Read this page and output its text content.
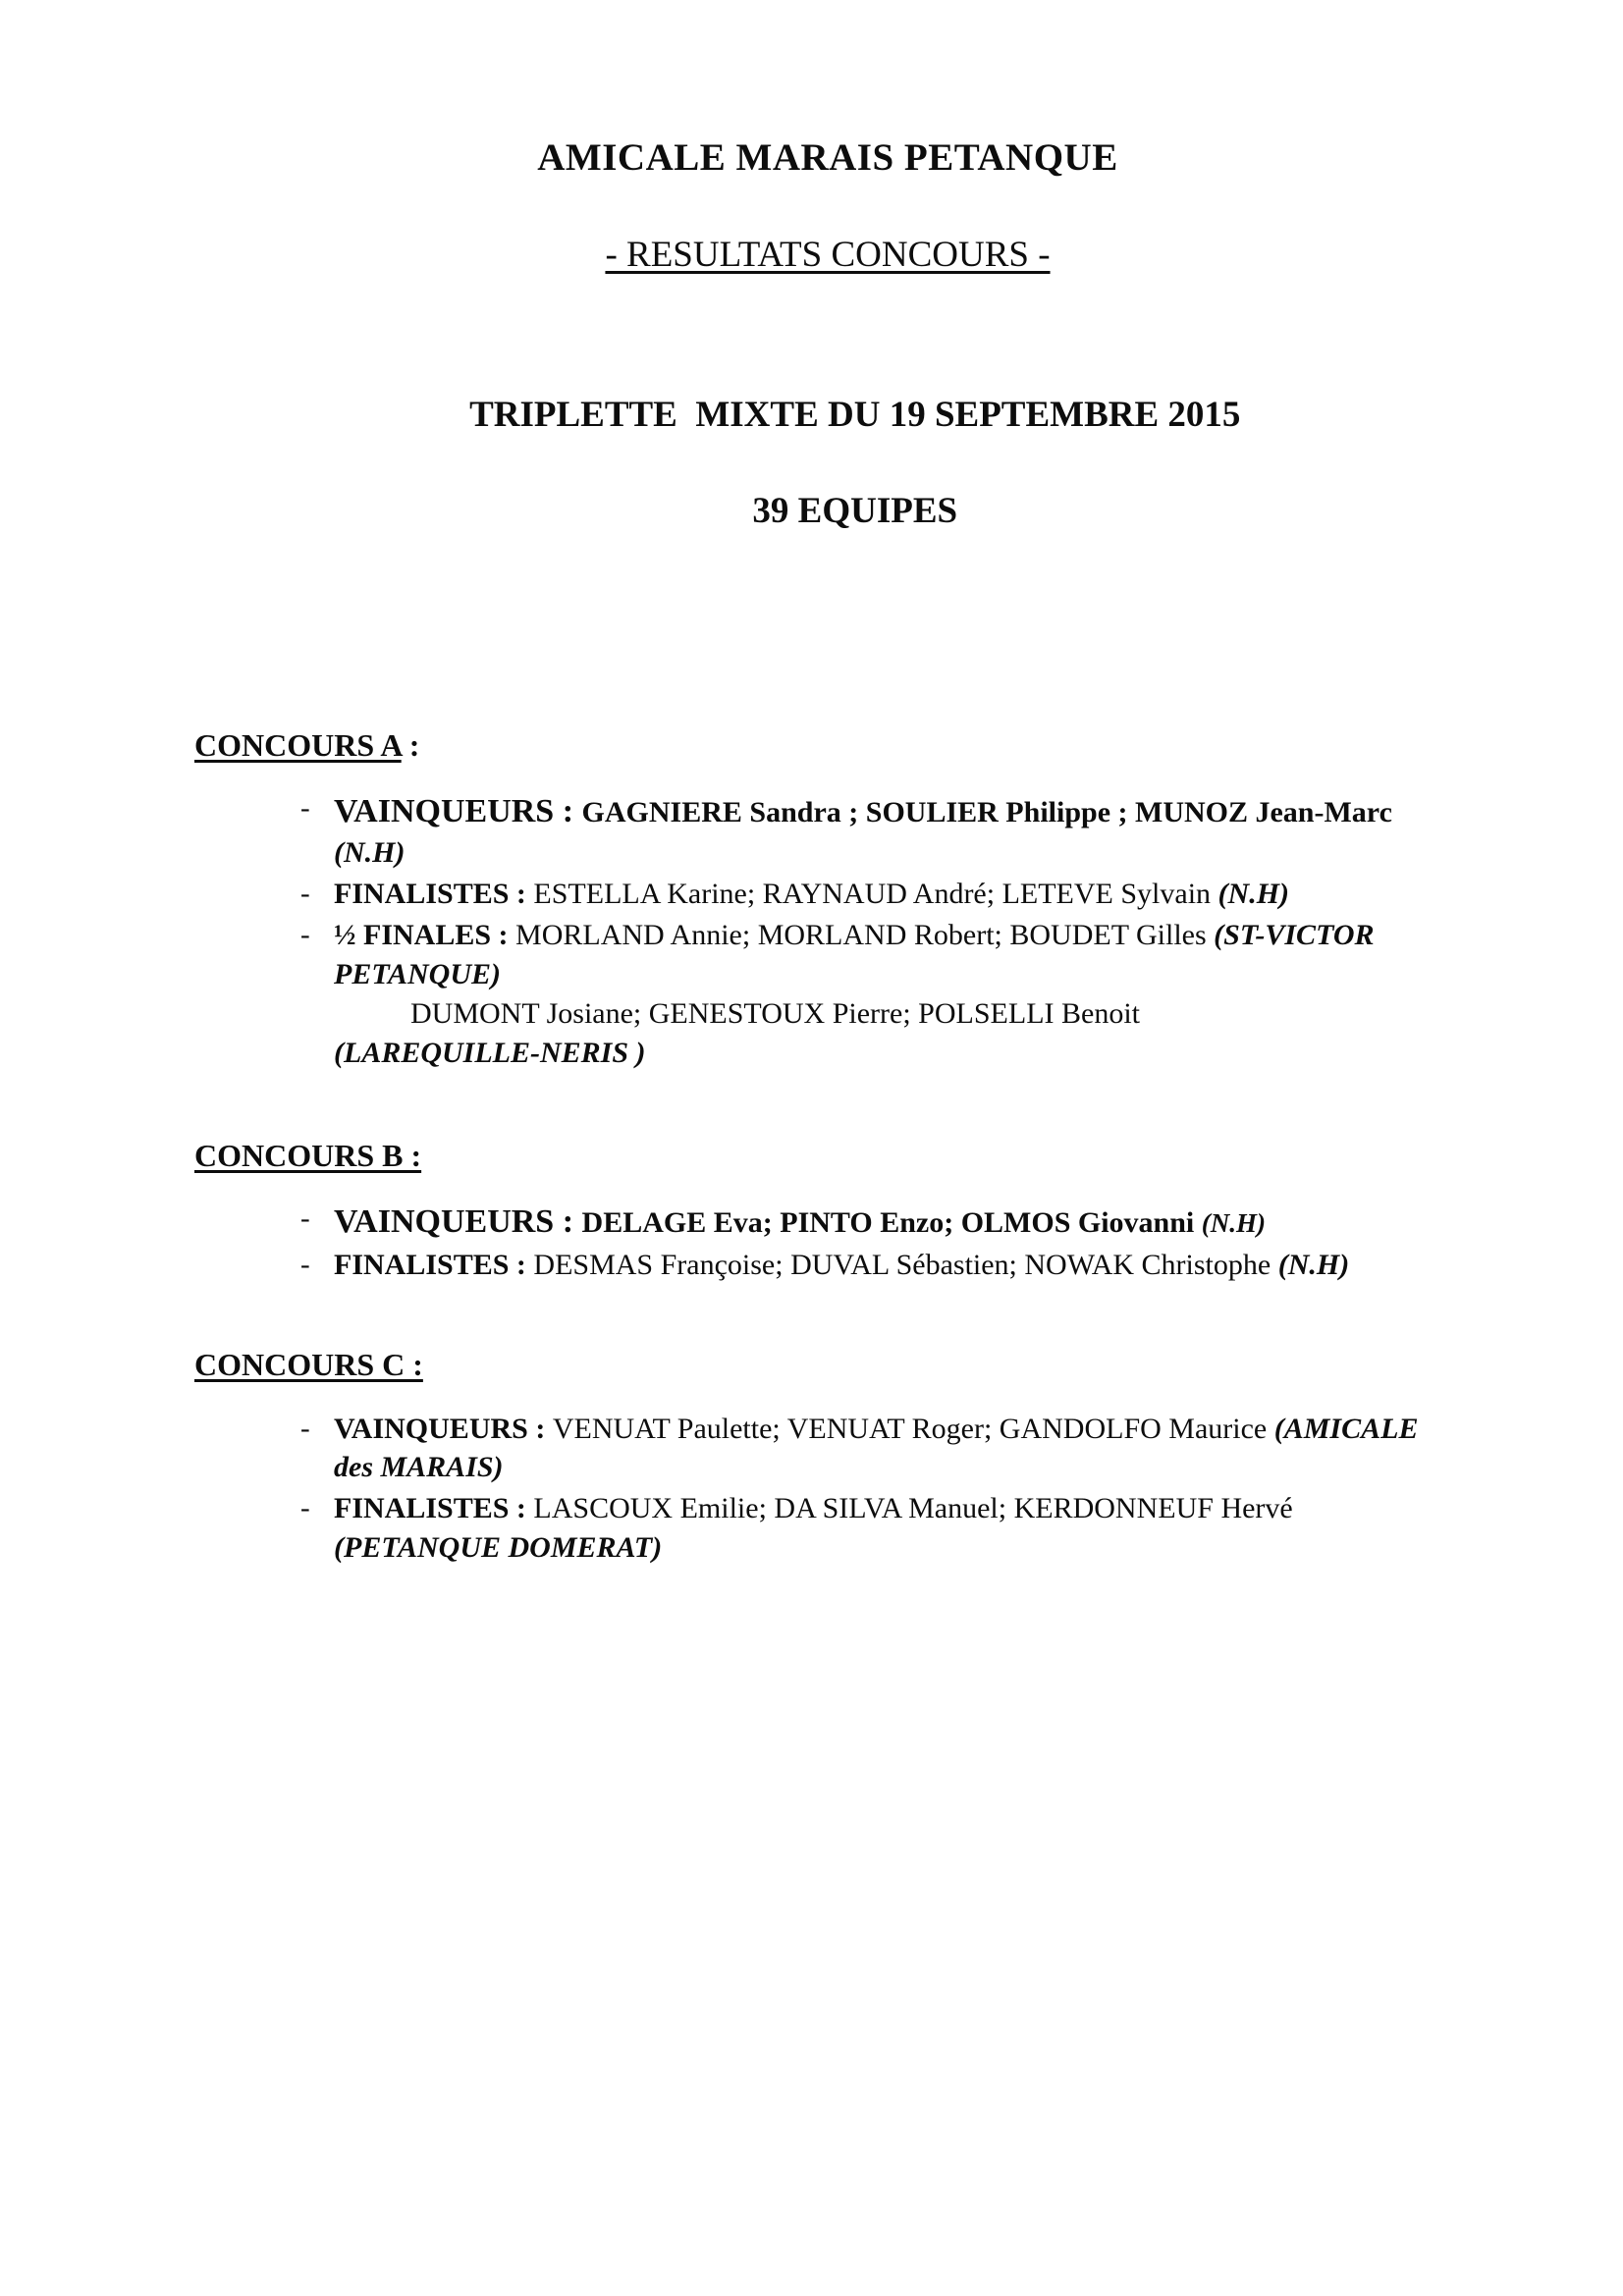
AMICALE MARAIS PETANQUE
- RESULTATS CONCOURS -

TRIPLETTE  MIXTE DU 19 SEPTEMBRE 2015

39 EQUIPES

CONCOURS A :
- VAINQUEURS : GAGNIERE Sandra ; SOULIER Philippe ; MUNOZ Jean-Marc (N.H)
- FINALISTES : ESTELLA Karine; RAYNAUD André; LETEVE Sylvain (N.H)
- ½ FINALES : MORLAND Annie; MORLAND Robert; BOUDET Gilles (ST-VICTOR PETANQUE)
DUMONT Josiane; GENESTOUX Pierre; POLSELLI Benoit
(LAREQUILLE-NERIS )
CONCOURS B :
- VAINQUEURS : DELAGE Eva; PINTO Enzo; OLMOS Giovanni (N.H)
- FINALISTES : DESMAS Françoise; DUVAL Sébastien; NOWAK Christophe (N.H)
CONCOURS C :
- VAINQUEURS : VENUAT Paulette; VENUAT Roger; GANDOLFO Maurice (AMICALE des MARAIS)
- FINALISTES : LASCOUX Emilie; DA SILVA Manuel; KERDONNEUF Hervé (PETANQUE DOMERAT)
